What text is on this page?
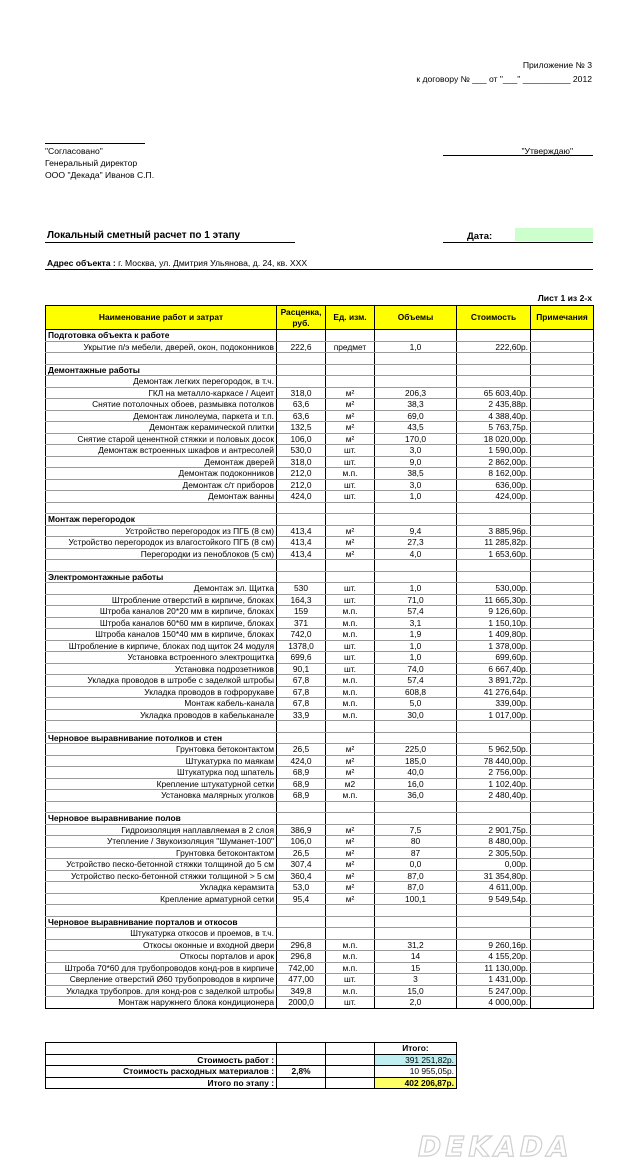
Приложение № 3
к договору № ___ от "___" __________ 2012
"Согласовано"	"Утверждаю"
Генеральный директор
ООО "Декада" Иванов С.П.
Локальный сметный расчет по 1 этапу	Дата:
Адрес объекта : г. Москва, ул. Дмитрия Ульянова, д. 24, кв. XXX
Лист 1 из 2-х
Наименование работ и затрат	Расценка, руб.	Ед. изм.	Объемы	Стоимость	Примечания
Подготовка объекта к работе					
Укрытие п/э мебели, дверей, окон, подоконников	222,6	предмет	1,0	222,60р.	

Демонтажные работы					
Демонтаж легких перегородок, в т.ч.					
ГКЛ на металло-каркасе / Ацеит	318,0	м²	206,3	65 603,40р.	
Снятие потолочных обоев, размывка потолков	63,6	м²	38,3	2 435,88р.	
Демонтаж линолеума, паркета и т.п.	63,6	м²	69,0	4 388,40р.	
Демонтаж керамической плитки	132,5	м²	43,5	5 763,75р.	
Снятие старой ценентной стяжки и половых досок	106,0	м²	170,0	18 020,00р.	
Демонтаж встроенных шкафов и антресолей	530,0	шт.	3,0	1 590,00р.	
Демонтаж дверей	318,0	шт.	9,0	2 862,00р.	
Демонтаж подоконников	212,0	м.п.	38,5	8 162,00р.	
Демонтаж с/т приборов	212,0	шт.	3,0	636,00р.	
Демонтаж ванны	424,0	шт.	1,0	424,00р.	

Монтаж перегородок					
Устройство перегородок из ПГБ (8 см)	413,4	м²	9,4	3 885,96р.	
Устройство перегородок из влагостойкого ПГБ (8 см)	413,4	м²	27,3	11 285,82р.	
Перегородки из пеноблоков (5 см)	413,4	м²	4,0	1 653,60р.	

Электромонтажные работы					
Демонтаж эл. Щитка	530	шт.	1,0	530,00р.	
Штробление отверстий в кирпиче, блоках	164,3	шт.	71,0	11 665,30р.	
Штроба каналов 20*20 мм в кирпиче, блоках	159	м.п.	57,4	9 126,60р.	
Штроба каналов 60*60 мм в кирпиче, блоках	371	м.п.	3,1	1 150,10р.	
Штроба каналов 150*40 мм в кирпиче, блоках	742,0	м.п.	1,9	1 409,80р.	
Штробление в кирпиче, блоках под щиток 24 модуля	1378,0	шт.	1,0	1 378,00р.	
Установка встроенного электрощитка	699,6	шт.	1,0	699,60р.	
Установка подрозетников	90,1	шт.	74,0	6 667,40р.	
Укладка проводов в штробе с заделкой штробы	67,8	м.п.	57,4	3 891,72р.	
Укладка проводов в гофрорукаве	67,8	м.п.	608,8	41 276,64р.	
Монтаж кабель-канала	67,8	м.п.	5,0	339,00р.	
Укладка проводов в кабельканале	33,9	м.п.	30,0	1 017,00р.	

Черновое выравнивание потолков и стен					
Грунтовка бетоконтактом	26,5	м²	225,0	5 962,50р.	
Штукатурка по маякам	424,0	м²	185,0	78 440,00р.	
Штукатурка под шпатель	68,9	м²	40,0	2 756,00р.	
Крепление штукатурной сетки	68,9	м2	16,0	1 102,40р.	
Установка малярных уголков	68,9	м.п.	36,0	2 480,40р.	

Черновое выравнивание полов					
Гидроизоляция наплавляемая в 2 слоя	386,9	м²	7,5	2 901,75р.	
Утепление / Звукоизоляция "Шуманет-100"	106,0	м²	80	8 480,00р.	
Грунтовка бетоконтактом	26,5	м²	87	2 305,50р.	
Устройство песко-бетонной стяжки толщиной до 5 см	307,4	м²	0,0	0,00р.	
Устройство песко-бетонной стяжки толщиной > 5 см	360,4	м²	87,0	31 354,80р.	
Укладка керамзита	53,0	м²	87,0	4 611,00р.	
Крепление арматурной сетки	95,4	м²	100,1	9 549,54р.	

Черновое выравнивание порталов и откосов					
Штукатурка откосов и проемов, в т.ч.					
Откосы оконные и входной двери	296,8	м.п.	31,2	9 260,16р.	
Откосы порталов и арок	296,8	м.п.	14	4 155,20р.	
Штроба 70*60 для трубопроводов конд-ров в кирпиче	742,00	м.п.	15	11 130,00р.	
Сверление отверстий Ø60 трубопроводов в кирпиче	477,00	шт.	3	1 431,00р.	
Укладка трубопров. для конд-ров с заделкой штробы	349,8	м.п.	15,0	5 247,00р.	
Монтаж наружнего блока кондиционера	2000,0	шт.	2,0	4 000,00р.	
			Итого:		
Стоимость работ :			391 251,82р.		
Стоимость расходных материалов :	2,8%		10 955,05р.		
Итого по этапу :			402 206,87р.		
DEKADA
